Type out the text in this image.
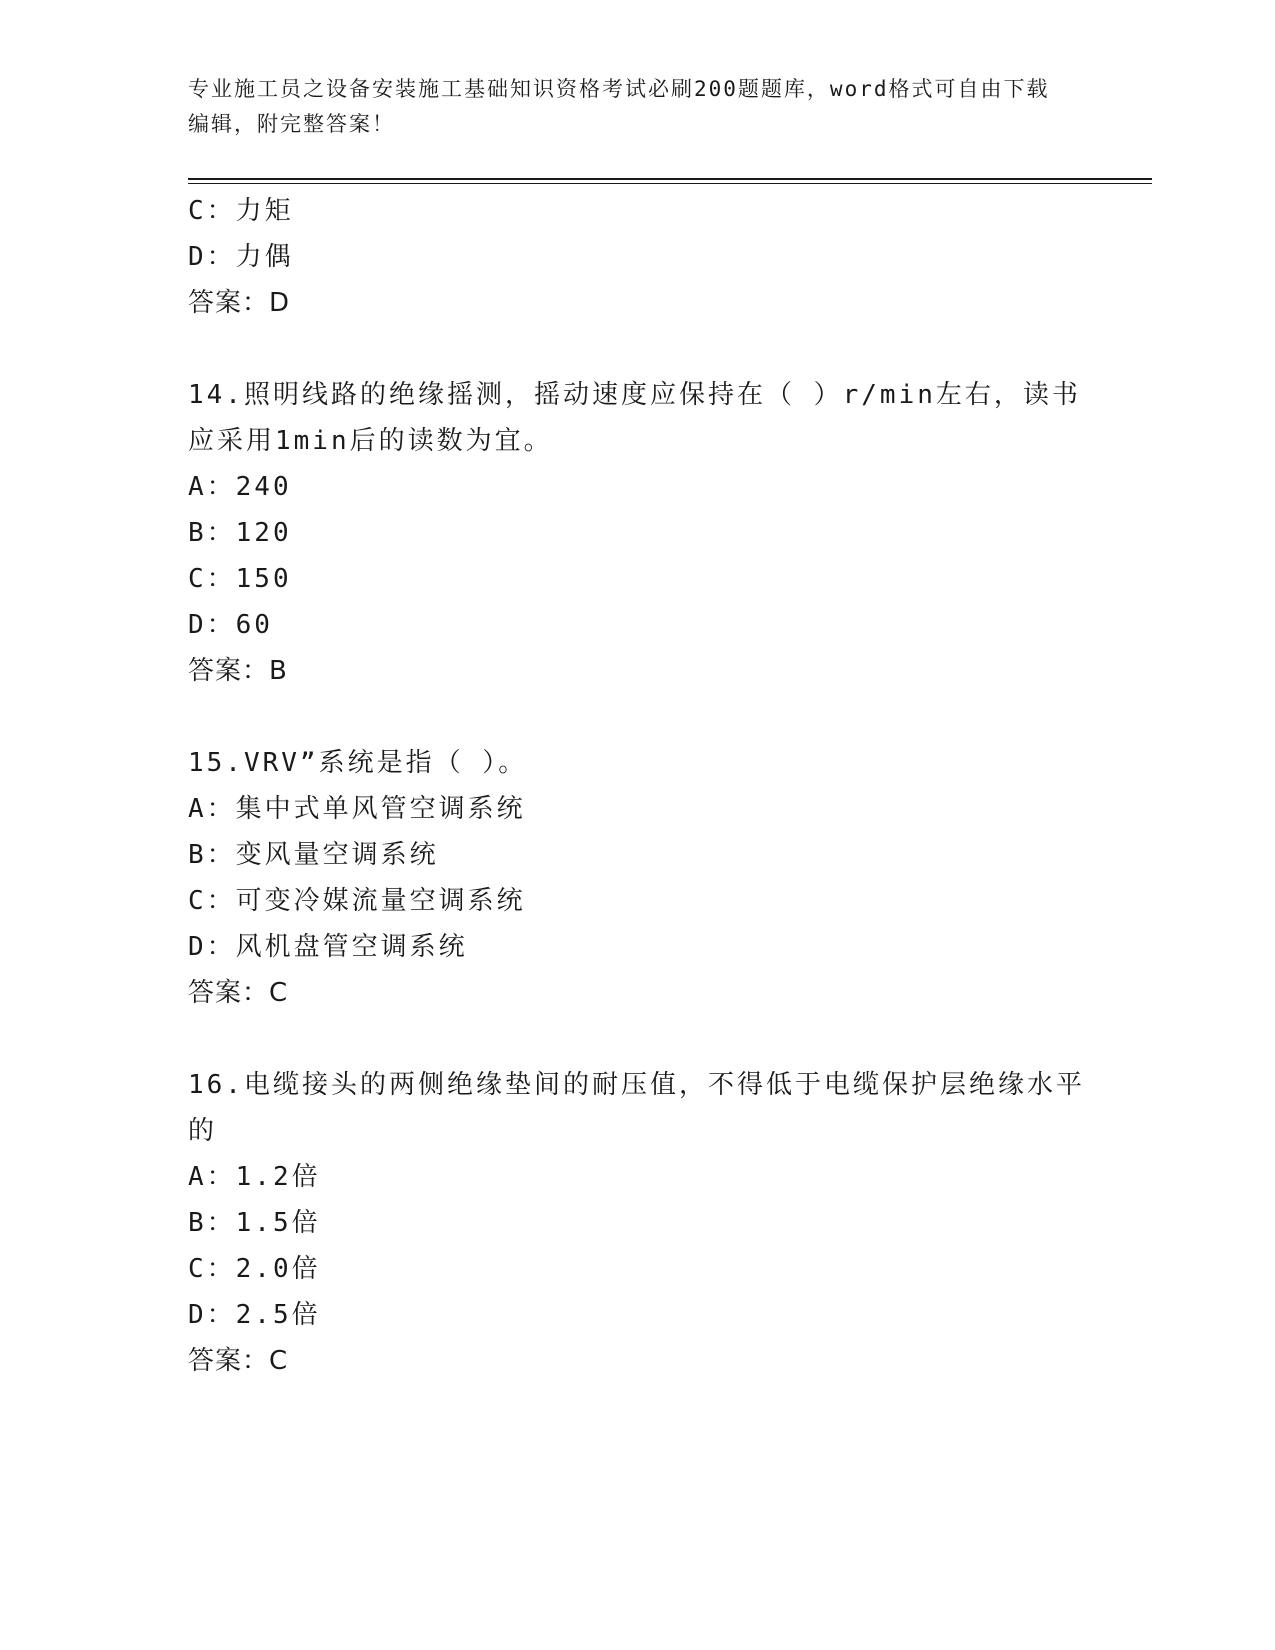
专业施工员之设备安装施工基础知识资格考试必刷200题题库，word格式可自由下载编辑，附完整答案！
C：力矩
D：力偶
答案：D
14.照明线路的绝缘摇测，摇动速度应保持在（ ）r/min左右，读书应采用1min后的读数为宜。
A：240
B：120
C：150
D：60
答案：B
15.VRV”系统是指（ ）。
A：集中式单风管空调系统
B：变风量空调系统
C：可变冷媒流量空调系统
D：风机盘管空调系统
答案：C
16.电缆接头的两侧绝缘垫间的耐压值，不得低于电缆保护层绝缘水平的
A：1.2倍
B：1.5倍
C：2.0倍
D：2.5倍
答案：C
